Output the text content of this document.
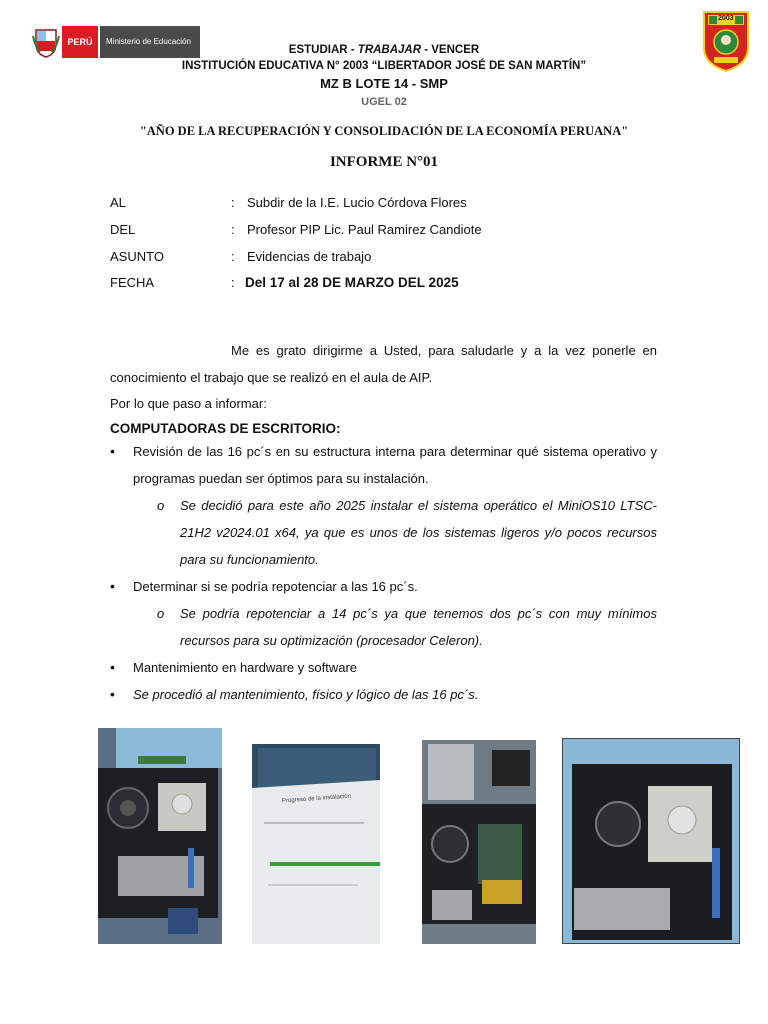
PERÚ	Ministerio de Educación
2003
ESTUDIAR - TRABAJAR - VENCER
INSTITUCIÓN EDUCATIVA N° 2003 “LIBERTADOR JOSÉ DE SAN MARTÍN”
MZ B LOTE 14 - SMP
UGEL 02
"AÑO DE LA RECUPERACIÓN Y CONSOLIDACIÓN DE LA ECONOMÍA PERUANA"
INFORME N°01
AL	: Subdir de la I.E. Lucio Córdova Flores
DEL	: Profesor PIP Lic. Paul Ramirez Candiote
ASUNTO	: Evidencias de trabajo
FECHA	: Del 17 al 28 DE MARZO DEL 2025
Me es grato dirigirme a Usted, para saludarle y a la vez ponerle en conocimiento el trabajo que se realizó en el aula de AIP.
Por lo que paso a informar:
COMPUTADORAS DE ESCRITORIO:
• Revisión de las 16 pc´s en su estructura interna para determinar qué sistema operativo y programas puedan ser óptimos para su instalación.
o Se decidió para este año 2025 instalar el sistema operático el MiniOS10 LTSC-21H2 v2024.01 x64, ya que es unos de los sistemas ligeros y/o pocos recursos para su funcionamiento.
• Determinar si se podría repotenciar a las 16 pc´s.
o Se podría repotenciar a 14 pc´s ya que tenemos dos pc´s con muy mínimos recursos para su optimización (procesador Celeron).
• Mantenimiento en hardware y software
• Se procedió al mantenimiento, físico y lógico de las 16 pc´s.
Progreso de la instalación
